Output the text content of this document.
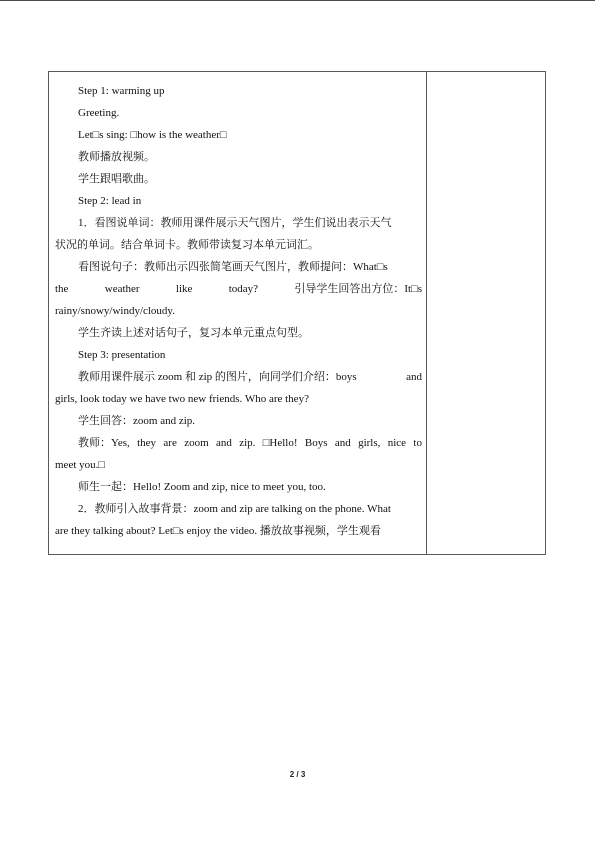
Step 1: warming up

Greeting.

Let□s sing: □how is the weather□

教师播放视频。

学生跟唱歌曲。

Step 2: lead in

1．看图说单词：教师用课件展示天气图片，学生们说出表示天气

状况的单词。结合单词卡。教师带读复习本单元词汇。

看图说句子：教师出示四张简笔画天气图片，教师提问：What□s

the	weather	like	today?	引导学生回答出方位：It□s

rainy/snowy/windy/cloudy.

学生齐读上述对话句子，复习本单元重点句型。

Step 3: presentation

教师用课件展示 zoom 和 zip 的图片，向同学们介绍：boys	and

girls, look today we have two new friends. Who are they?

学生回答：zoom and zip.

教师：Yes, they are zoom and zip. □Hello! Boys and girls, nice to

meet you.□

师生一起：Hello! Zoom and zip, nice to meet you, too.

2．教师引入故事背景：zoom and zip are talking on the phone. What

are they talking about? Let□s enjoy the video. 播放故事视频，学生观看

2 / 3
